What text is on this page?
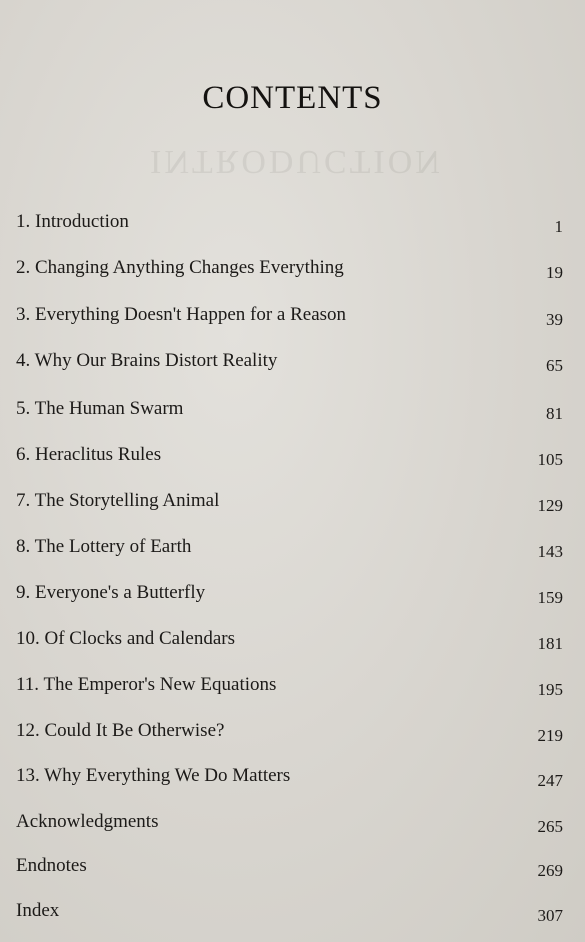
INTRODUCTION
CONTENTS
1. Introduction	1
2. Changing Anything Changes Everything	19
3. Everything Doesn't Happen for a Reason	39
4. Why Our Brains Distort Reality	65
5. The Human Swarm	81
6. Heraclitus Rules	105
7. The Storytelling Animal	129
8. The Lottery of Earth	143
9. Everyone's a Butterfly	159
10. Of Clocks and Calendars	181
11. The Emperor's New Equations	195
12. Could It Be Otherwise?	219
13. Why Everything We Do Matters	247
Acknowledgments	265
Endnotes	269
Index	307
